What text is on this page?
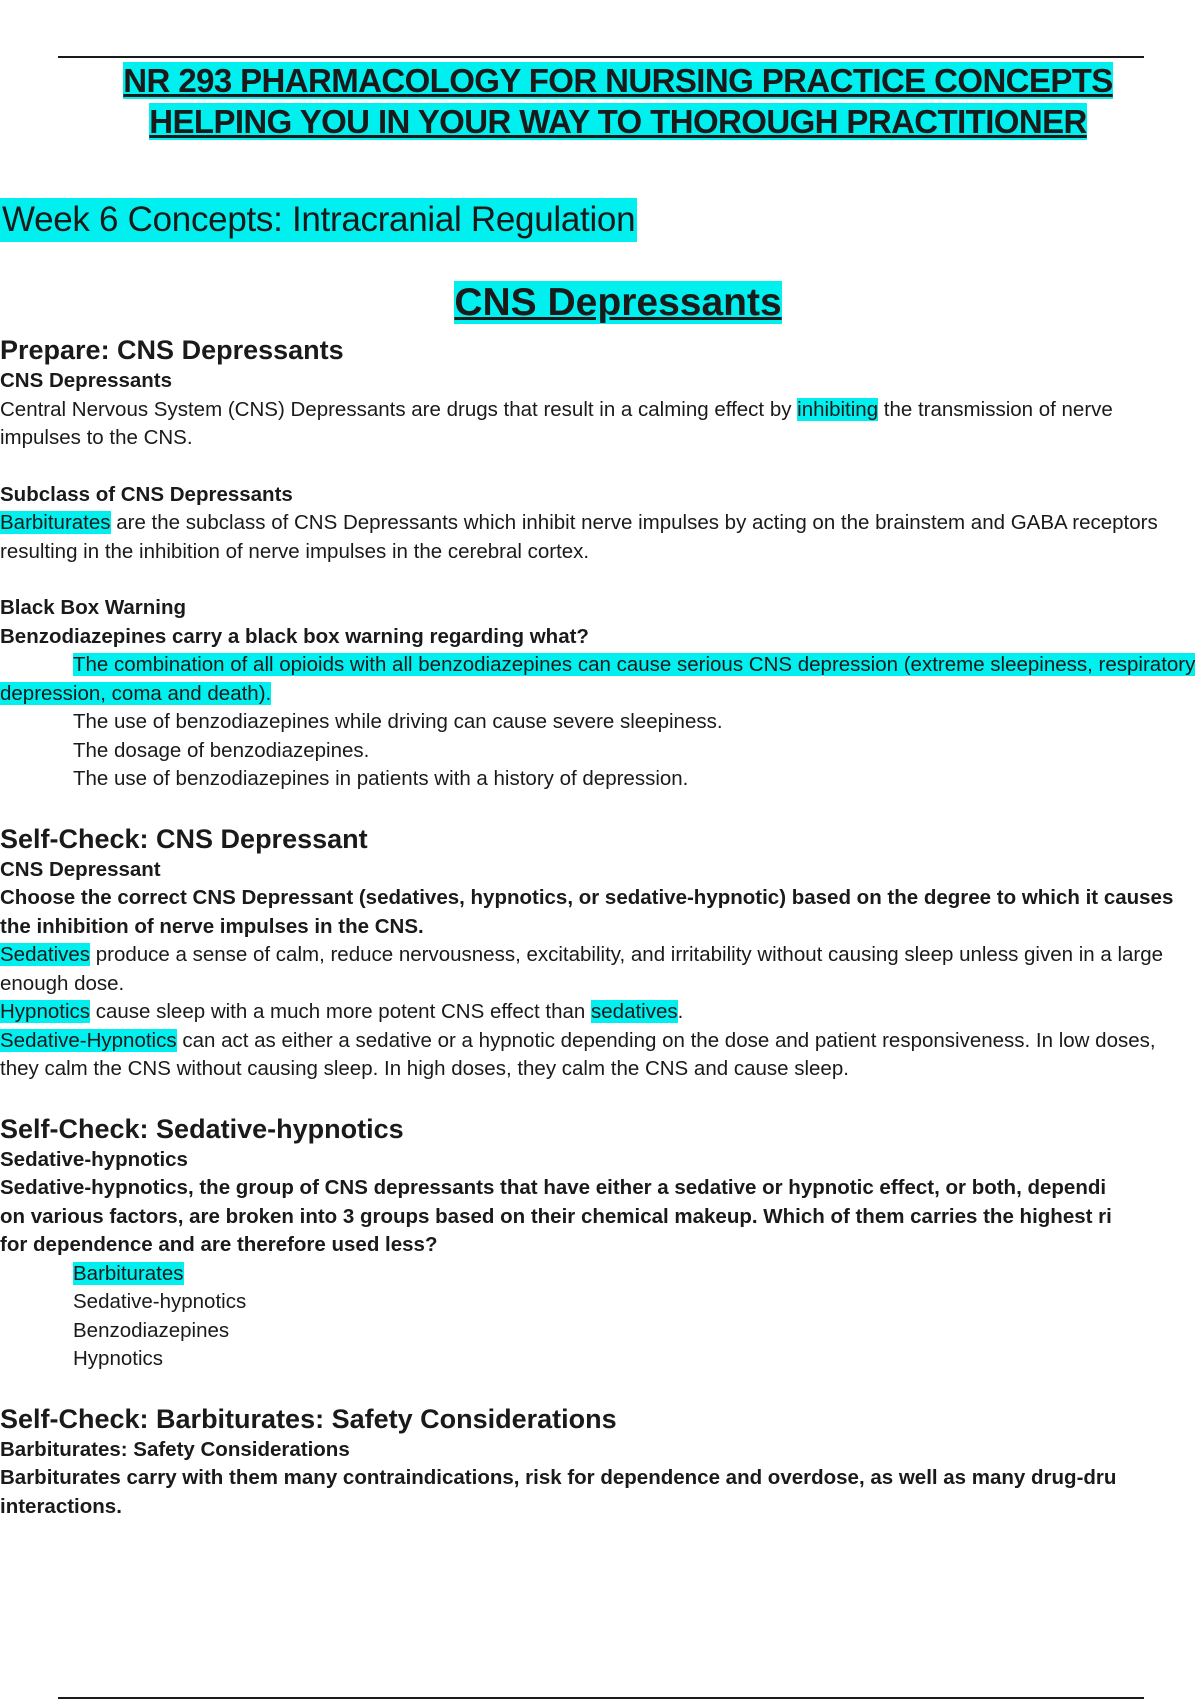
NR 293 PHARMACOLOGY FOR NURSING PRACTICE CONCEPTS
HELPING YOU IN YOUR WAY TO THOROUGH PRACTITIONER
Week 6 Concepts: Intracranial Regulation
CNS Depressants
Prepare: CNS Depressants
CNS Depressants

Central Nervous System (CNS) Depressants are drugs that result in a calming effect by inhibiting the transmission of nerve impulses to the CNS.

Subclass of CNS Depressants

Barbiturates are the subclass of CNS Depressants which inhibit nerve impulses by acting on the brainstem and GABA receptors resulting in the inhibition of nerve impulses in the cerebral cortex.

Black Box Warning
Benzodiazepines carry a black box warning regarding what?

The combination of all opioids with all benzodiazepines can cause serious CNS depression (extreme sleepiness, respiratory depression, coma and death).

The use of benzodiazepines while driving can cause severe sleepiness.

The dosage of benzodiazepines.

The use of benzodiazepines in patients with a history of depression.

Self-Check: CNS Depressant
CNS Depressant
Choose the correct CNS Depressant (sedatives, hypnotics, or sedative-hypnotic) based on the degree to which it causes the inhibition of nerve impulses in the CNS.

Sedatives produce a sense of calm, reduce nervousness, excitability, and irritability without causing sleep unless given in a large enough dose.

Hypnotics cause sleep with a much more potent CNS effect than sedatives.

Sedative-Hypnotics can act as either a sedative or a hypnotic depending on the dose and patient responsiveness. In low doses, they calm the CNS without causing sleep. In high doses, they calm the CNS and cause sleep.

Self-Check: Sedative-hypnotics
Sedative-hypnotics
Sedative-hypnotics, the group of CNS depressants that have either a sedative or hypnotic effect, or both, dependi
on various factors, are broken into 3 groups based on their chemical makeup. Which of them carries the highest ri
for dependence and are therefore used less?

Barbiturates

Sedative-hypnotics

Benzodiazepines

Hypnotics

Self-Check: Barbiturates: Safety Considerations
Barbiturates: Safety Considerations
Barbiturates carry with them many contraindications, risk for dependence and overdose, as well as many drug-dru
interactions.
